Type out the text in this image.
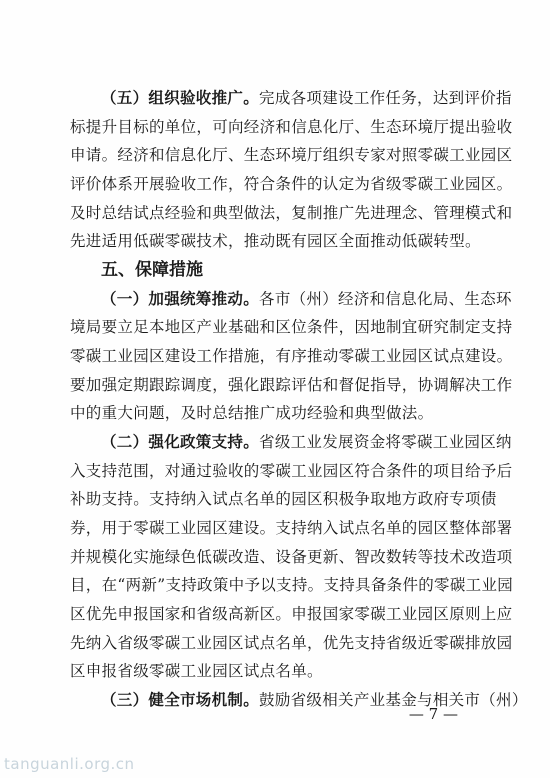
（五）组织验收推广。完成各项建设工作任务，达到评价指
标提升目标的单位，可向经济和信息化厅、生态环境厅提出验收
申请。经济和信息化厅、生态环境厅组织专家对照零碳工业园区
评价体系开展验收工作，符合条件的认定为省级零碳工业园区。
及时总结试点经验和典型做法，复制推广先进理念、管理模式和
先进适用低碳零碳技术，推动既有园区全面推动低碳转型。
五、保障措施
（一）加强统筹推动。各市（州）经济和信息化局、生态环
境局要立足本地区产业基础和区位条件，因地制宜研究制定支持
零碳工业园区建设工作措施，有序推动零碳工业园区试点建设。
要加强定期跟踪调度，强化跟踪评估和督促指导，协调解决工作
中的重大问题，及时总结推广成功经验和典型做法。
（二）强化政策支持。省级工业发展资金将零碳工业园区纳
入支持范围，对通过验收的零碳工业园区符合条件的项目给予后
补助支持。支持纳入试点名单的园区积极争取地方政府专项债
券，用于零碳工业园区建设。支持纳入试点名单的园区整体部署
并规模化实施绿色低碳改造、设备更新、智改数转等技术改造项
目，在“两新”支持政策中予以支持。支持具备条件的零碳工业园
区优先申报国家和省级高新区。申报国家零碳工业园区原则上应
先纳入省级零碳工业园区试点名单，优先支持省级近零碳排放园
区申报省级零碳工业园区试点名单。
（三）健全市场机制。鼓励省级相关产业基金与相关市（州）
— 7 —
tanguanli.org.cn
